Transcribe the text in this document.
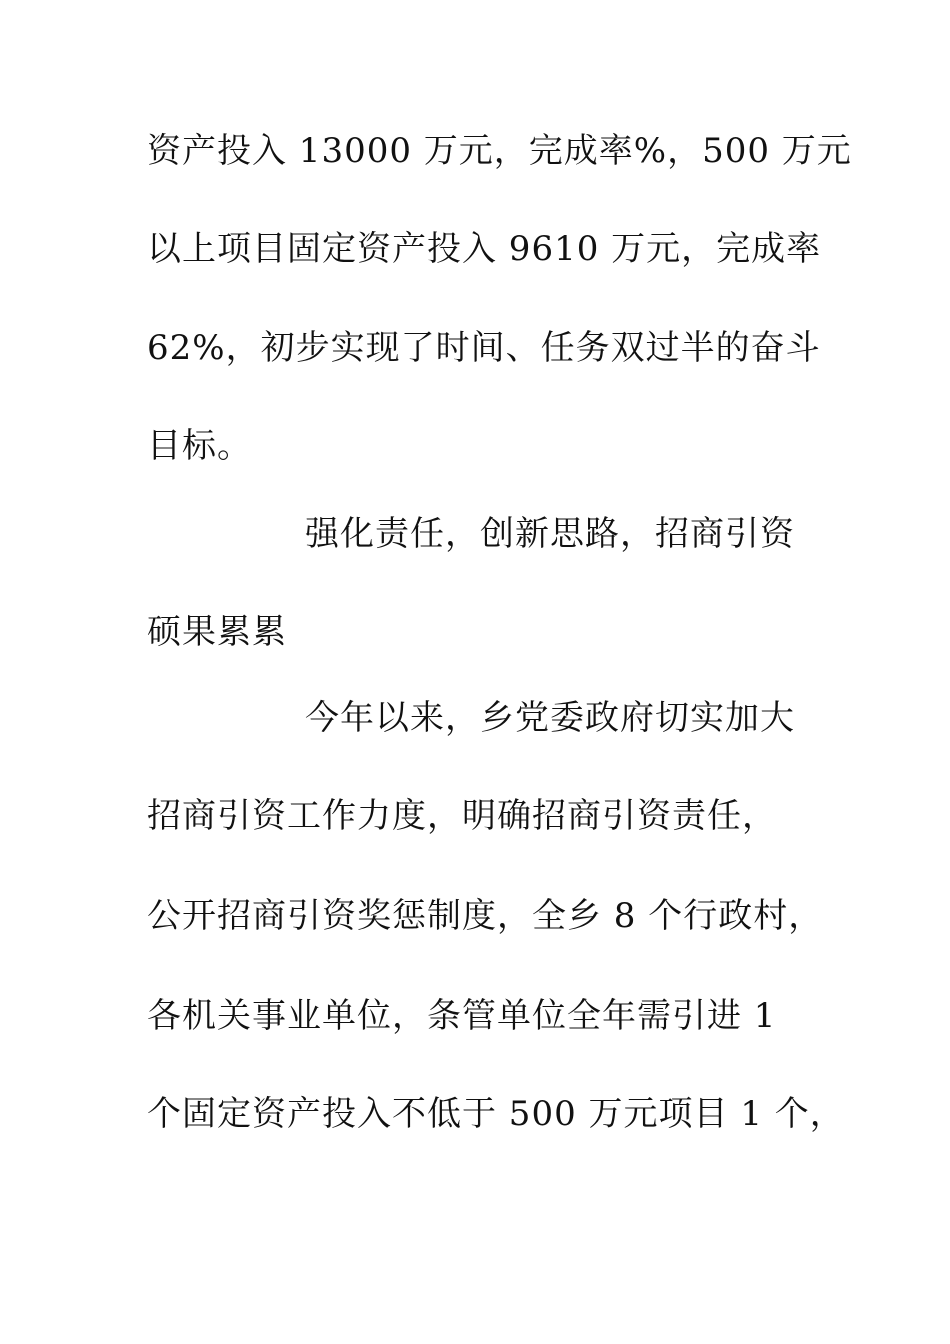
资产投入 13000 万元，完成率%，500 万元
以上项目固定资产投入 9610 万元，完成率
62%，初步实现了时间、任务双过半的奋斗
目标。
强化责任，创新思路，招商引资
硕果累累
今年以来，乡党委政府切实加大
招商引资工作力度，明确招商引资责任，
公开招商引资奖惩制度，全乡 8 个行政村，
各机关事业单位，条管单位全年需引进 1
个固定资产投入不低于 500 万元项目 1 个，
